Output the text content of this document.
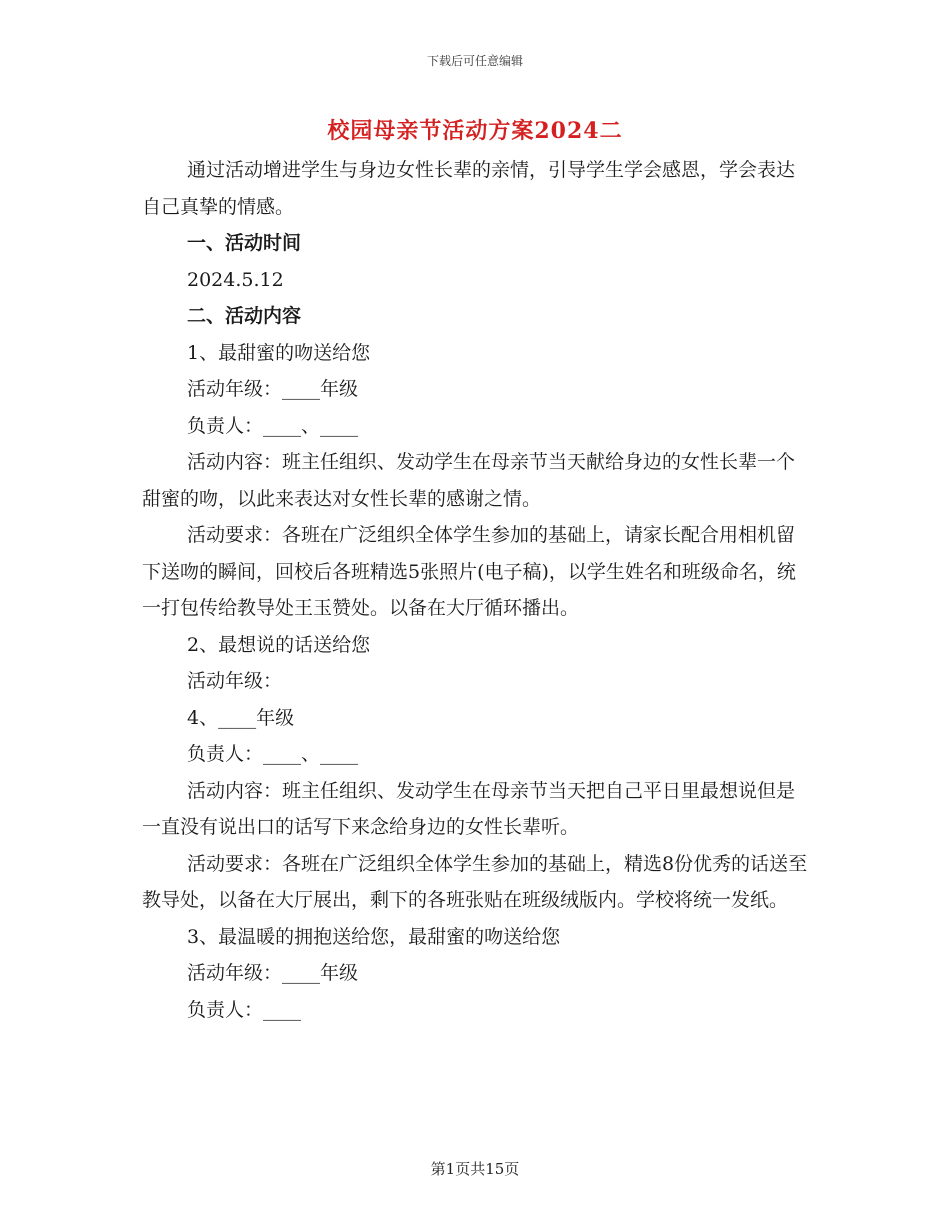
下载后可任意编辑
校园母亲节活动方案2024二

通过活动增进学生与身边女性长辈的亲情，引导学生学会感恩，学会表达自己真挚的情感。

一、活动时间

2024.5.12

二、活动内容

1、最甜蜜的吻送给您

活动年级：____年级

负责人：____、____

活动内容：班主任组织、发动学生在母亲节当天献给身边的女性长辈一个甜蜜的吻，以此来表达对女性长辈的感谢之情。

活动要求：各班在广泛组织全体学生参加的基础上，请家长配合用相机留下送吻的瞬间，回校后各班精选5张照片(电子稿)，以学生姓名和班级命名，统一打包传给教导处王玉赞处。以备在大厅循环播出。

2、最想说的话送给您

活动年级：

4、____年级

负责人：____、____

活动内容：班主任组织、发动学生在母亲节当天把自己平日里最想说但是一直没有说出口的话写下来念给身边的女性长辈听。

活动要求：各班在广泛组织全体学生参加的基础上，精选8份优秀的话送至教导处，以备在大厅展出，剩下的各班张贴在班级绒版内。学校将统一发纸。

3、最温暖的拥抱送给您，最甜蜜的吻送给您

活动年级：____年级

负责人：____

第1页共15页
